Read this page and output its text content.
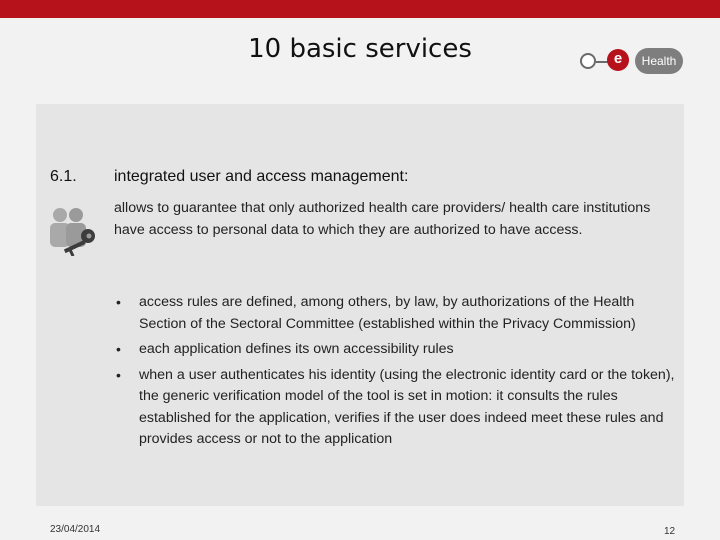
10 basic services	e	Health
6.1. integrated user and access management:
allows to guarantee that only authorized health care providers/ health care institutions have access to personal data to which they are authorized to have access.
• access rules are defined, among others, by law, by authorizations of the Health Section of the Sectoral Committee (established within the Privacy Commission)
• each application defines its own accessibility rules
• when a user authenticates his identity (using the electronic identity card or the token), the generic verification model of the tool is set in motion: it consults the rules established for the application, verifies if the user does indeed meet these rules and provides access or not to the application
23/04/2014	12
